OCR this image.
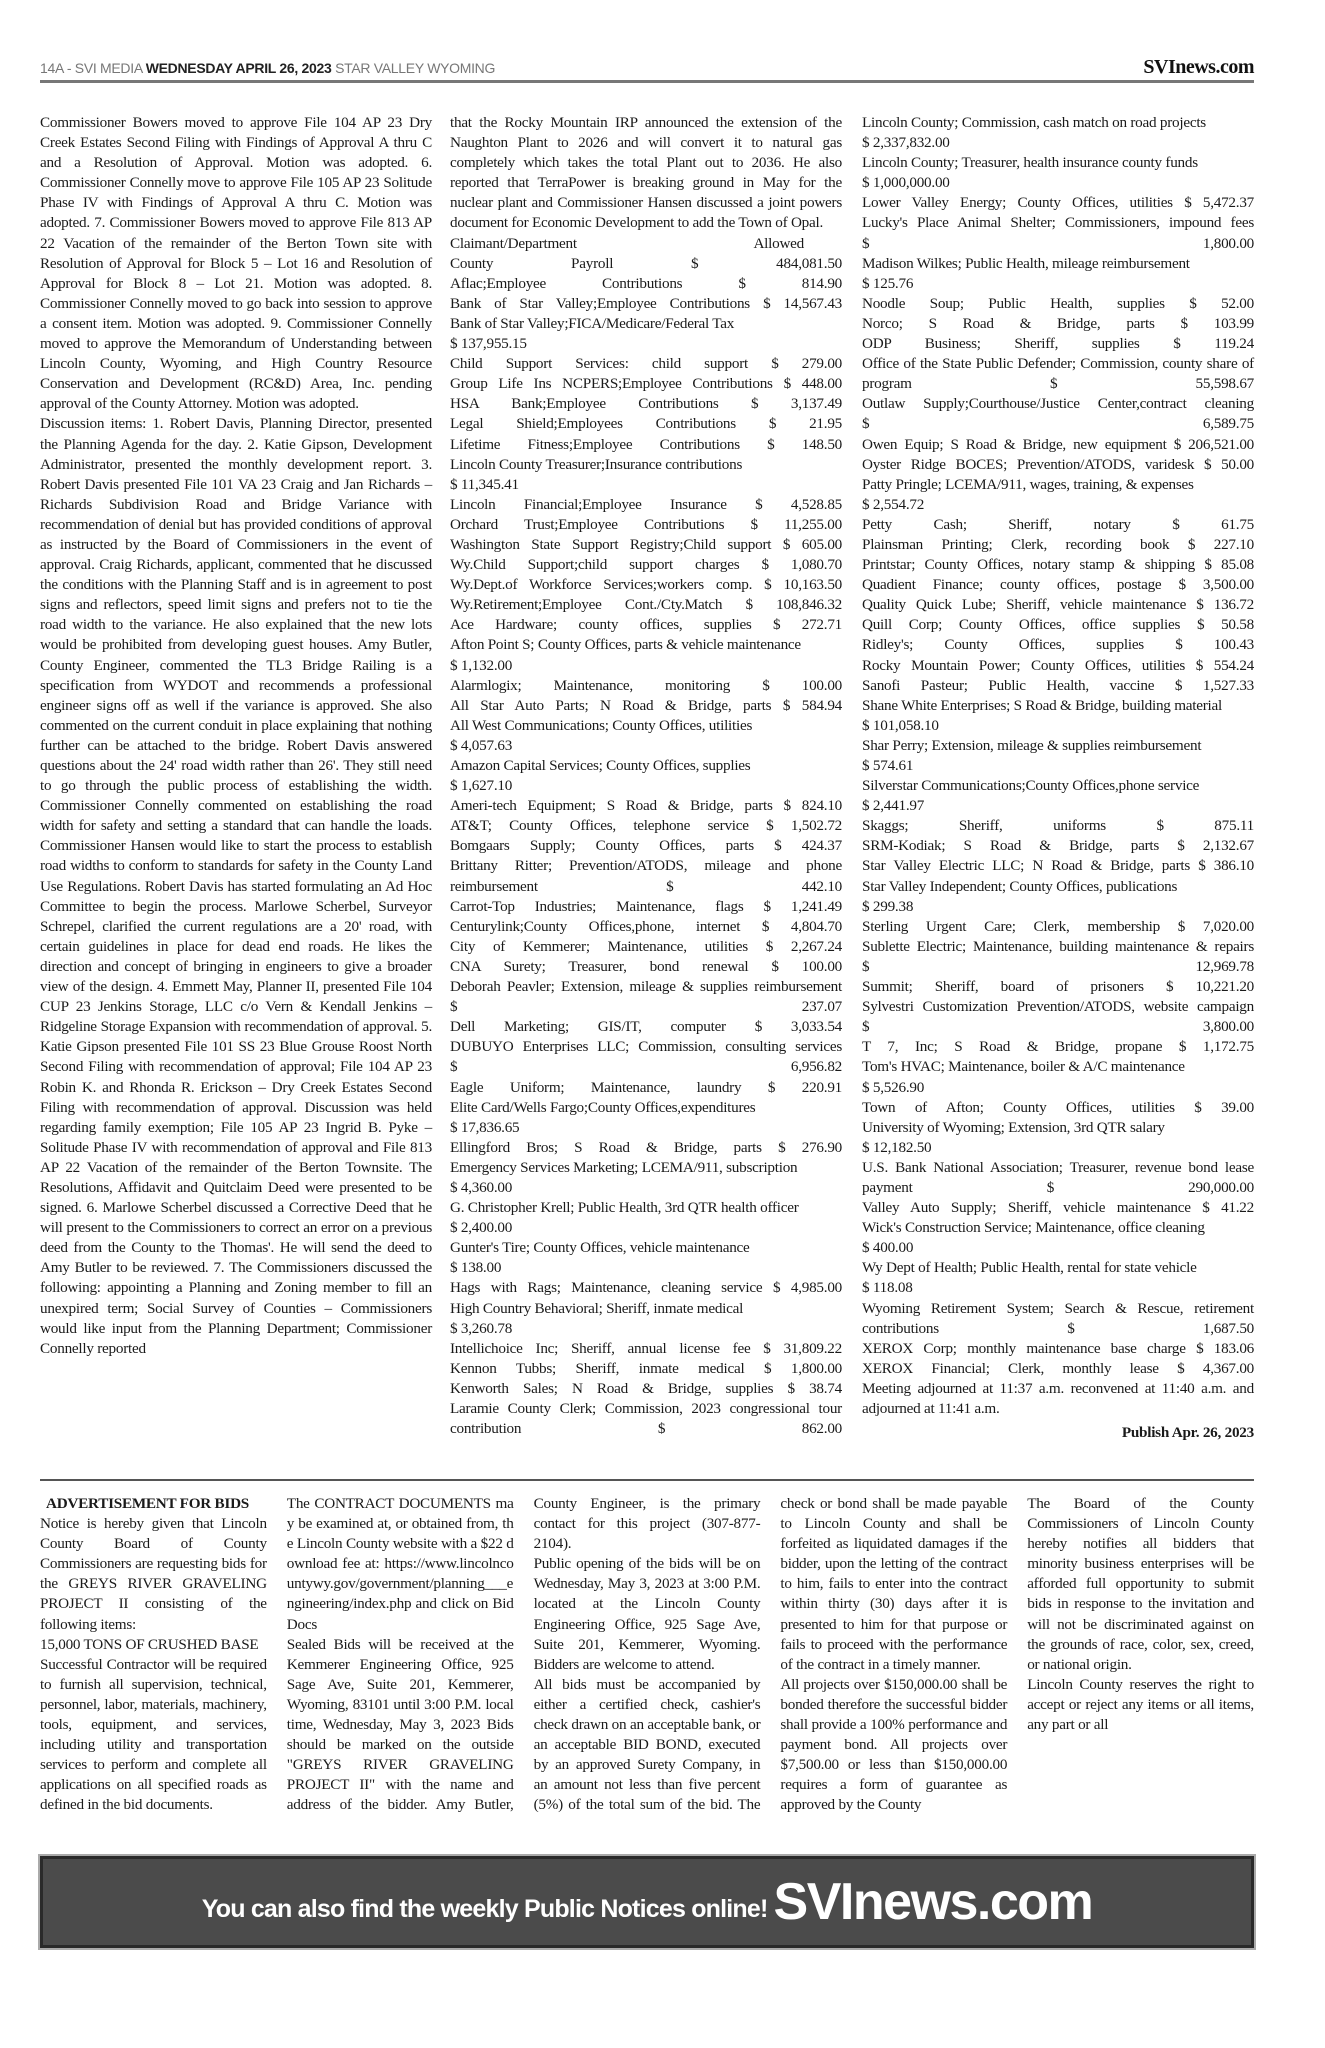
14A - SVI MEDIA WEDNESDAY APRIL 26, 2023 STAR VALLEY WYOMING	SVInews.com

Commissioner Bowers moved to approve File 104 AP 23 Dry Creek Estates Second Filing with Findings of Approval A thru C and a Resolution of Approval. Motion was adopted. 6. Commissioner Connelly move to approve File 105 AP 23 Solitude Phase IV with Findings of Approval A thru C. Motion was adopted. 7. Commissioner Bowers moved to approve File 813 AP 22 Vacation of the remainder of the Berton Town site with Resolution of Approval for Block 5 – Lot 16 and Resolution of Approval for Block 8 – Lot 21. Motion was adopted. 8. Commissioner Connelly moved to go back into session to approve a consent item. Motion was adopted. 9. Commissioner Connelly moved to approve the Memorandum of Understanding between Lincoln County, Wyoming, and High Country Resource Conservation and Development (RC&D) Area, Inc. pending approval of the County Attorney. Motion was adopted.

Discussion items: 1. Robert Davis, Planning Director, presented the Planning Agenda for the day. 2. Katie Gipson, Development Administrator, presented the monthly development report. 3. Robert Davis presented File 101 VA 23 Craig and Jan Richards – Richards Subdivision Road and Bridge Variance with recommendation of denial but has provided conditions of approval as instructed by the Board of Commissioners in the event of approval. Craig Richards, applicant, commented that he discussed the conditions with the Planning Staff and is in agreement to post signs and reflectors, speed limit signs and prefers not to tie the road width to the variance. He also explained that the new lots would be prohibited from developing guest houses. Amy Butler, County Engineer, commented the TL3 Bridge Railing is a specification from WYDOT and recommends a professional engineer signs off as well if the variance is approved. She also commented on the current conduit in place explaining that nothing further can be attached to the bridge. Robert Davis answered questions about the 24' road width rather than 26'. They still need to go through the public process of establishing the width. Commissioner Connelly commented on establishing the road width for safety and setting a standard that can handle the loads. Commissioner Hansen would like to start the process to establish road widths to conform to standards for safety in the County Land Use Regulations. Robert Davis has started formulating an Ad Hoc Committee to begin the process. Marlowe Scherbel, Surveyor Schrepel, clarified the current regulations are a 20' road, with certain guidelines in place for dead end roads. He likes the direction and concept of bringing in engineers to give a broader view of the design. 4. Emmett May, Planner II, presented File 104 CUP 23 Jenkins Storage, LLC c/o Vern & Kendall Jenkins – Ridgeline Storage Expansion with recommendation of approval. 5. Katie Gipson presented File 101 SS 23 Blue Grouse Roost North Second Filing with recommendation of approval; File 104 AP 23 Robin K. and Rhonda R. Erickson – Dry Creek Estates Second Filing with recommendation of approval. Discussion was held regarding family exemption; File 105 AP 23 Ingrid B. Pyke – Solitude Phase IV with recommendation of approval and File 813 AP 22 Vacation of the remainder of the Berton Townsite. The Resolutions, Affidavit and Quitclaim Deed were presented to be signed. 6. Marlowe Scherbel discussed a Corrective Deed that he will present to the Commissioners to correct an error on a previous deed from the County to the Thomas'. He will send the deed to Amy Butler to be reviewed. 7. The Commissioners discussed the following: appointing a Planning and Zoning member to fill an unexpired term; Social Survey of Counties – Commissioners would like input from the Planning Department; Commissioner Connelly reported

that the Rocky Mountain IRP announced the extension of the Naughton Plant to 2026 and will convert it to natural gas completely which takes the total Plant out to 2036. He also reported that TerraPower is breaking ground in May for the nuclear plant and Commissioner Hansen discussed a joint powers document for Economic Development to add the Town of Opal.

Claimant/Department	Allowed
County Payroll	$ 484,081.50
Aflac;Employee Contributions	$ 814.90
Bank of Star Valley;Employee Contributions $ 14,567.43
Bank of Star Valley;FICA/Medicare/Federal Tax
$ 137,955.15
Child Support Services: child support $ 279.00
Group Life Ins NCPERS;Employee Contributions $ 448.00
HSA Bank;Employee Contributions $ 3,137.49
Legal Shield;Employees Contributions $ 21.95
Lifetime Fitness;Employee Contributions $ 148.50
Lincoln County Treasurer;Insurance contributions
$ 11,345.41
Lincoln Financial;Employee Insurance $ 4,528.85
Orchard Trust;Employee Contributions $ 11,255.00
Washington State Support Registry;Child support $ 605.00
Wy.Child Support;child support charges $ 1,080.70
Wy.Dept.of Workforce Services;workers comp. $ 10,163.50
Wy.Retirement;Employee Cont./Cty.Match $ 108,846.32
Ace Hardware; county offices, supplies $ 272.71
Afton Point S; County Offices, parts & vehicle maintenance
$ 1,132.00
Alarmlogix; Maintenance, monitoring $ 100.00
All Star Auto Parts; N Road & Bridge, parts $ 584.94
All West Communications; County Offices, utilities
$ 4,057.63
Amazon Capital Services; County Offices, supplies
$ 1,627.10
Ameri-tech Equipment; S Road & Bridge, parts $ 824.10
AT&T; County Offices, telephone service $ 1,502.72
Bomgaars Supply; County Offices, parts $ 424.37
Brittany Ritter; Prevention/ATODS, mileage and phone reimbursement	$ 442.10
Carrot-Top Industries; Maintenance, flags $ 1,241.49
Centurylink;County Offices,phone, internet $ 4,804.70
City of Kemmerer; Maintenance, utilities $ 2,267.24
CNA Surety; Treasurer, bond renewal $ 100.00
Deborah Peavler; Extension, mileage & supplies reimbursement $ 237.07
Dell Marketing; GIS/IT, computer $ 3,033.54
DUBUYO Enterprises LLC; Commission, consulting services $ 6,956.82
Eagle Uniform; Maintenance, laundry $ 220.91
Elite Card/Wells Fargo;County Offices,expenditures
$ 17,836.65
Ellingford Bros; S Road & Bridge, parts $ 276.90
Emergency Services Marketing; LCEMA/911, subscription
$ 4,360.00
G. Christopher Krell; Public Health, 3rd QTR health officer
$ 2,400.00
Gunter's Tire; County Offices, vehicle maintenance
$ 138.00
Hags with Rags; Maintenance, cleaning service $ 4,985.00
High Country Behavioral; Sheriff, inmate medical
$ 3,260.78
Intellichoice Inc; Sheriff, annual license fee $ 31,809.22
Kennon Tubbs; Sheriff, inmate medical $ 1,800.00
Kenworth Sales; N Road & Bridge, supplies $ 38.74
Laramie County Clerk; Commission, 2023 congressional tour contribution	$ 862.00
Lincoln County; Commission, cash match on road projects
$ 2,337,832.00
Lincoln County; Treasurer, health insurance county funds
$ 1,000,000.00
Lower Valley Energy; County Offices, utilities $ 5,472.37
Lucky's Place Animal Shelter; Commissioners, impound fees $ 1,800.00
Madison Wilkes; Public Health, mileage reimbursement
$ 125.76
Noodle Soup; Public Health, supplies $ 52.00
Norco; S Road & Bridge, parts $ 103.99
ODP Business; Sheriff, supplies $ 119.24
Office of the State Public Defender; Commission, county share of program	$ 55,598.67
Outlaw Supply;Courthouse/Justice Center,contract cleaning $ 6,589.75
Owen Equip; S Road & Bridge, new equipment $ 206,521.00
Oyster Ridge BOCES; Prevention/ATODS, varidesk $ 50.00
Patty Pringle; LCEMA/911, wages, training, & expenses
$ 2,554.72
Petty Cash; Sheriff, notary	$ 61.75
Plainsman Printing; Clerk, recording book $ 227.10
Printstar; County Offices, notary stamp & shipping $ 85.08
Quadient Finance; county offices, postage $ 3,500.00
Quality Quick Lube; Sheriff, vehicle maintenance $ 136.72
Quill Corp; County Offices, office supplies $ 50.58
Ridley's; County Offices, supplies $ 100.43
Rocky Mountain Power; County Offices, utilities $ 554.24
Sanofi Pasteur; Public Health, vaccine $ 1,527.33
Shane White Enterprises; S Road & Bridge, building material
$ 101,058.10
Shar Perry; Extension, mileage & supplies reimbursement
$ 574.61
Silverstar Communications;County Offices,phone service
$ 2,441.97
Skaggs; Sheriff, uniforms	$ 875.11
SRM-Kodiak; S Road & Bridge, parts $ 2,132.67
Star Valley Electric LLC; N Road & Bridge, parts $ 386.10
Star Valley Independent; County Offices, publications
$ 299.38
Sterling Urgent Care; Clerk, membership $ 7,020.00
Sublette Electric; Maintenance, building maintenance & repairs $ 12,969.78
Summit; Sheriff, board of prisoners $ 10,221.20
Sylvestri Customization Prevention/ATODS, website campaign $ 3,800.00
T 7, Inc; S Road & Bridge, propane $ 1,172.75
Tom's HVAC; Maintenance, boiler & A/C maintenance
$ 5,526.90
Town of Afton; County Offices, utilities $ 39.00
University of Wyoming; Extension, 3rd QTR salary
$ 12,182.50
U.S. Bank National Association; Treasurer, revenue bond lease payment	$ 290,000.00
Valley Auto Supply; Sheriff, vehicle maintenance $ 41.22
Wick's Construction Service; Maintenance, office cleaning
$ 400.00
Wy Dept of Health; Public Health, rental for state vehicle
$ 118.08
Wyoming Retirement System; Search & Rescue, retirement contributions	$ 1,687.50
XEROX Corp; monthly maintenance base charge $ 183.06
XEROX Financial; Clerk, monthly lease $ 4,367.00

Meeting adjourned at 11:37 a.m. reconvened at 11:40 a.m. and adjourned at 11:41 a.m.

Publish Apr. 26, 2023
ADVERTISEMENT FOR BIDS

Notice is hereby given that Lincoln County Board of County Commissioners are requesting bids for the GREYS RIVER GRAVELING PROJECT II consisting of the following items:

15,000 TONS OF CRUSHED BASE

Successful Contractor will be required to furnish all supervision, technical, personnel, labor, materials, machinery, tools, equipment, and services, including utility and transportation services to perform and complete all applications on all specified roads as defined in the bid documents.

The CONTRACT DOCUMENTS may be examined at, or obtained from, the Lincoln County website with a $22 download fee at: https://www.lincolncountywy.gov/government/planning___engineering/index.php and click on Bid Docs

Sealed Bids will be received at the Kemmerer Engineering Office, 925 Sage Ave, Suite 201, Kemmerer, Wyoming, 83101 until 3:00 P.M. local time, Wednesday, May 3, 2023 Bids should be marked on the outside "GREYS RIVER GRAVELING PROJECT II" with the name and address of the bidder. Amy Butler, County Engineer, is the primary contact for this project (307-877-2104).

Public opening of the bids will be on Wednesday, May 3, 2023 at 3:00 P.M. located at the Lincoln County Engineering Office, 925 Sage Ave, Suite 201, Kemmerer, Wyoming. Bidders are welcome to attend.

All bids must be accompanied by either a certified check, cashier's check drawn on an acceptable bank, or an acceptable BID BOND, executed by an approved Surety Company, in an amount not less than five percent (5%) of the total sum of the bid. The check or bond shall be made payable to Lincoln County and shall be forfeited as liquidated damages if the bidder, upon the letting of the contract to him, fails to enter into the contract within thirty (30) days after it is presented to him for that purpose or fails to proceed with the performance of the contract in a timely manner.

All projects over $150,000.00 shall be bonded therefore the successful bidder shall provide a 100% performance and payment bond. All projects over $7,500.00 or less than $150,000.00 requires a form of guarantee as approved by the County

The Board of the County Commissioners of Lincoln County hereby notifies all bidders that minority business enterprises will be afforded full opportunity to submit bids in response to the invitation and will not be discriminated against on the grounds of race, color, sex, creed, or national origin.

Lincoln County reserves the right to accept or reject any items or all items, any part or all

You can also find the weekly Public Notices online! SVInews.com
